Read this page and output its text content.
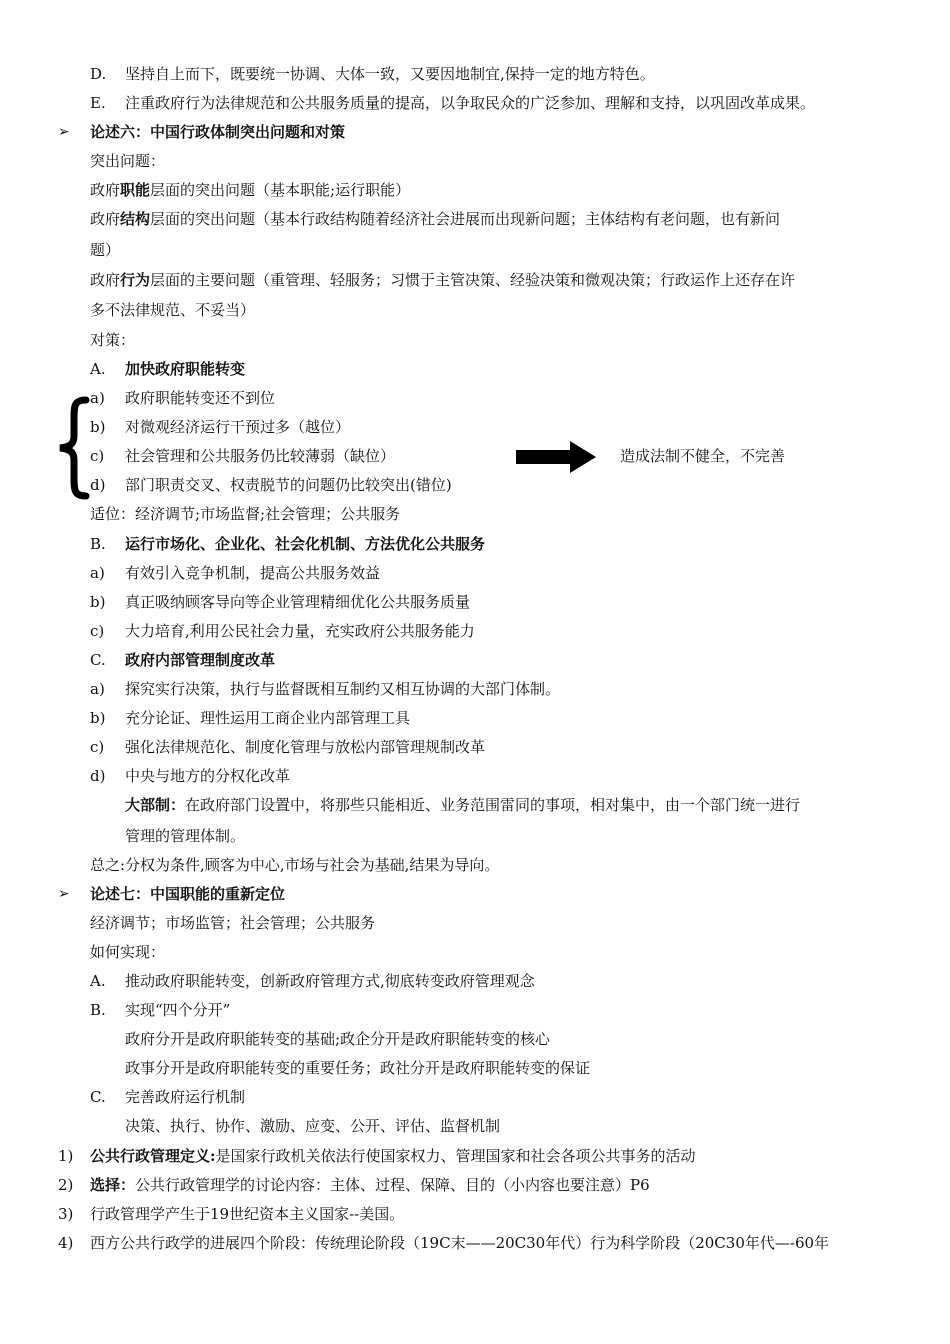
D. 坚持自上而下，既要统一协调、大体一致，又要因地制宜,保持一定的地方特色。
E. 注重政府行为法律规范和公共服务质量的提高，以争取民众的广泛参加、理解和支持，以巩固改革成果。
➢ 论述六：中国行政体制突出问题和对策
突出问题：
政府职能层面的突出问题（基本职能;运行职能）
政府结构层面的突出问题（基本行政结构随着经济社会进展而出现新问题；主体结构有老问题，也有新问
题）
政府行为层面的主要问题（重管理、轻服务；习惯于主管决策、经验决策和微观决策；行政运作上还存在许
多不法律规范、不妥当）
对策：
A. 加快政府职能转变
a) 政府职能转变还不到位
b) 对微观经济运行干预过多（越位）
c) 社会管理和公共服务仍比较薄弱（缺位）
d) 部门职责交叉、权责脱节的问题仍比较突出(错位)
造成法制不健全，不完善
适位：经济调节;市场监督;社会管理；公共服务
B. 运行市场化、企业化、社会化机制、方法优化公共服务
a) 有效引入竞争机制，提高公共服务效益
b) 真正吸纳顾客导向等企业管理精细优化公共服务质量
c) 大力培育,利用公民社会力量，充实政府公共服务能力
C. 政府内部管理制度改革
a) 探究实行决策，执行与监督既相互制约又相互协调的大部门体制。
b) 充分论证、理性运用工商企业内部管理工具
c) 强化法律规范化、制度化管理与放松内部管理规制改革
d) 中央与地方的分权化改革
大部制：在政府部门设置中，将那些只能相近、业务范围雷同的事项，相对集中，由一个部门统一进行
管理的管理体制。
总之:分权为条件,顾客为中心,市场与社会为基础,结果为导向。
➢ 论述七：中国职能的重新定位
经济调节；市场监管；社会管理；公共服务
如何实现：
A. 推动政府职能转变，创新政府管理方式,彻底转变政府管理观念
B. 实现“四个分开”
政府分开是政府职能转变的基础;政企分开是政府职能转变的核心
政事分开是政府职能转变的重要任务；政社分开是政府职能转变的保证
C. 完善政府运行机制
决策、执行、协作、激励、应变、公开、评估、监督机制
1) 公共行政管理定义:是国家行政机关依法行使国家权力、管理国家和社会各项公共事务的活动
2) 选择：公共行政管理学的讨论内容：主体、过程、保障、目的（小内容也要注意）P6
3) 行政管理学产生于19世纪资本主义国家--美国。
4) 西方公共行政学的进展四个阶段：传统理论阶段（19C末——20C30年代）行为科学阶段（20C30年代—-60年
